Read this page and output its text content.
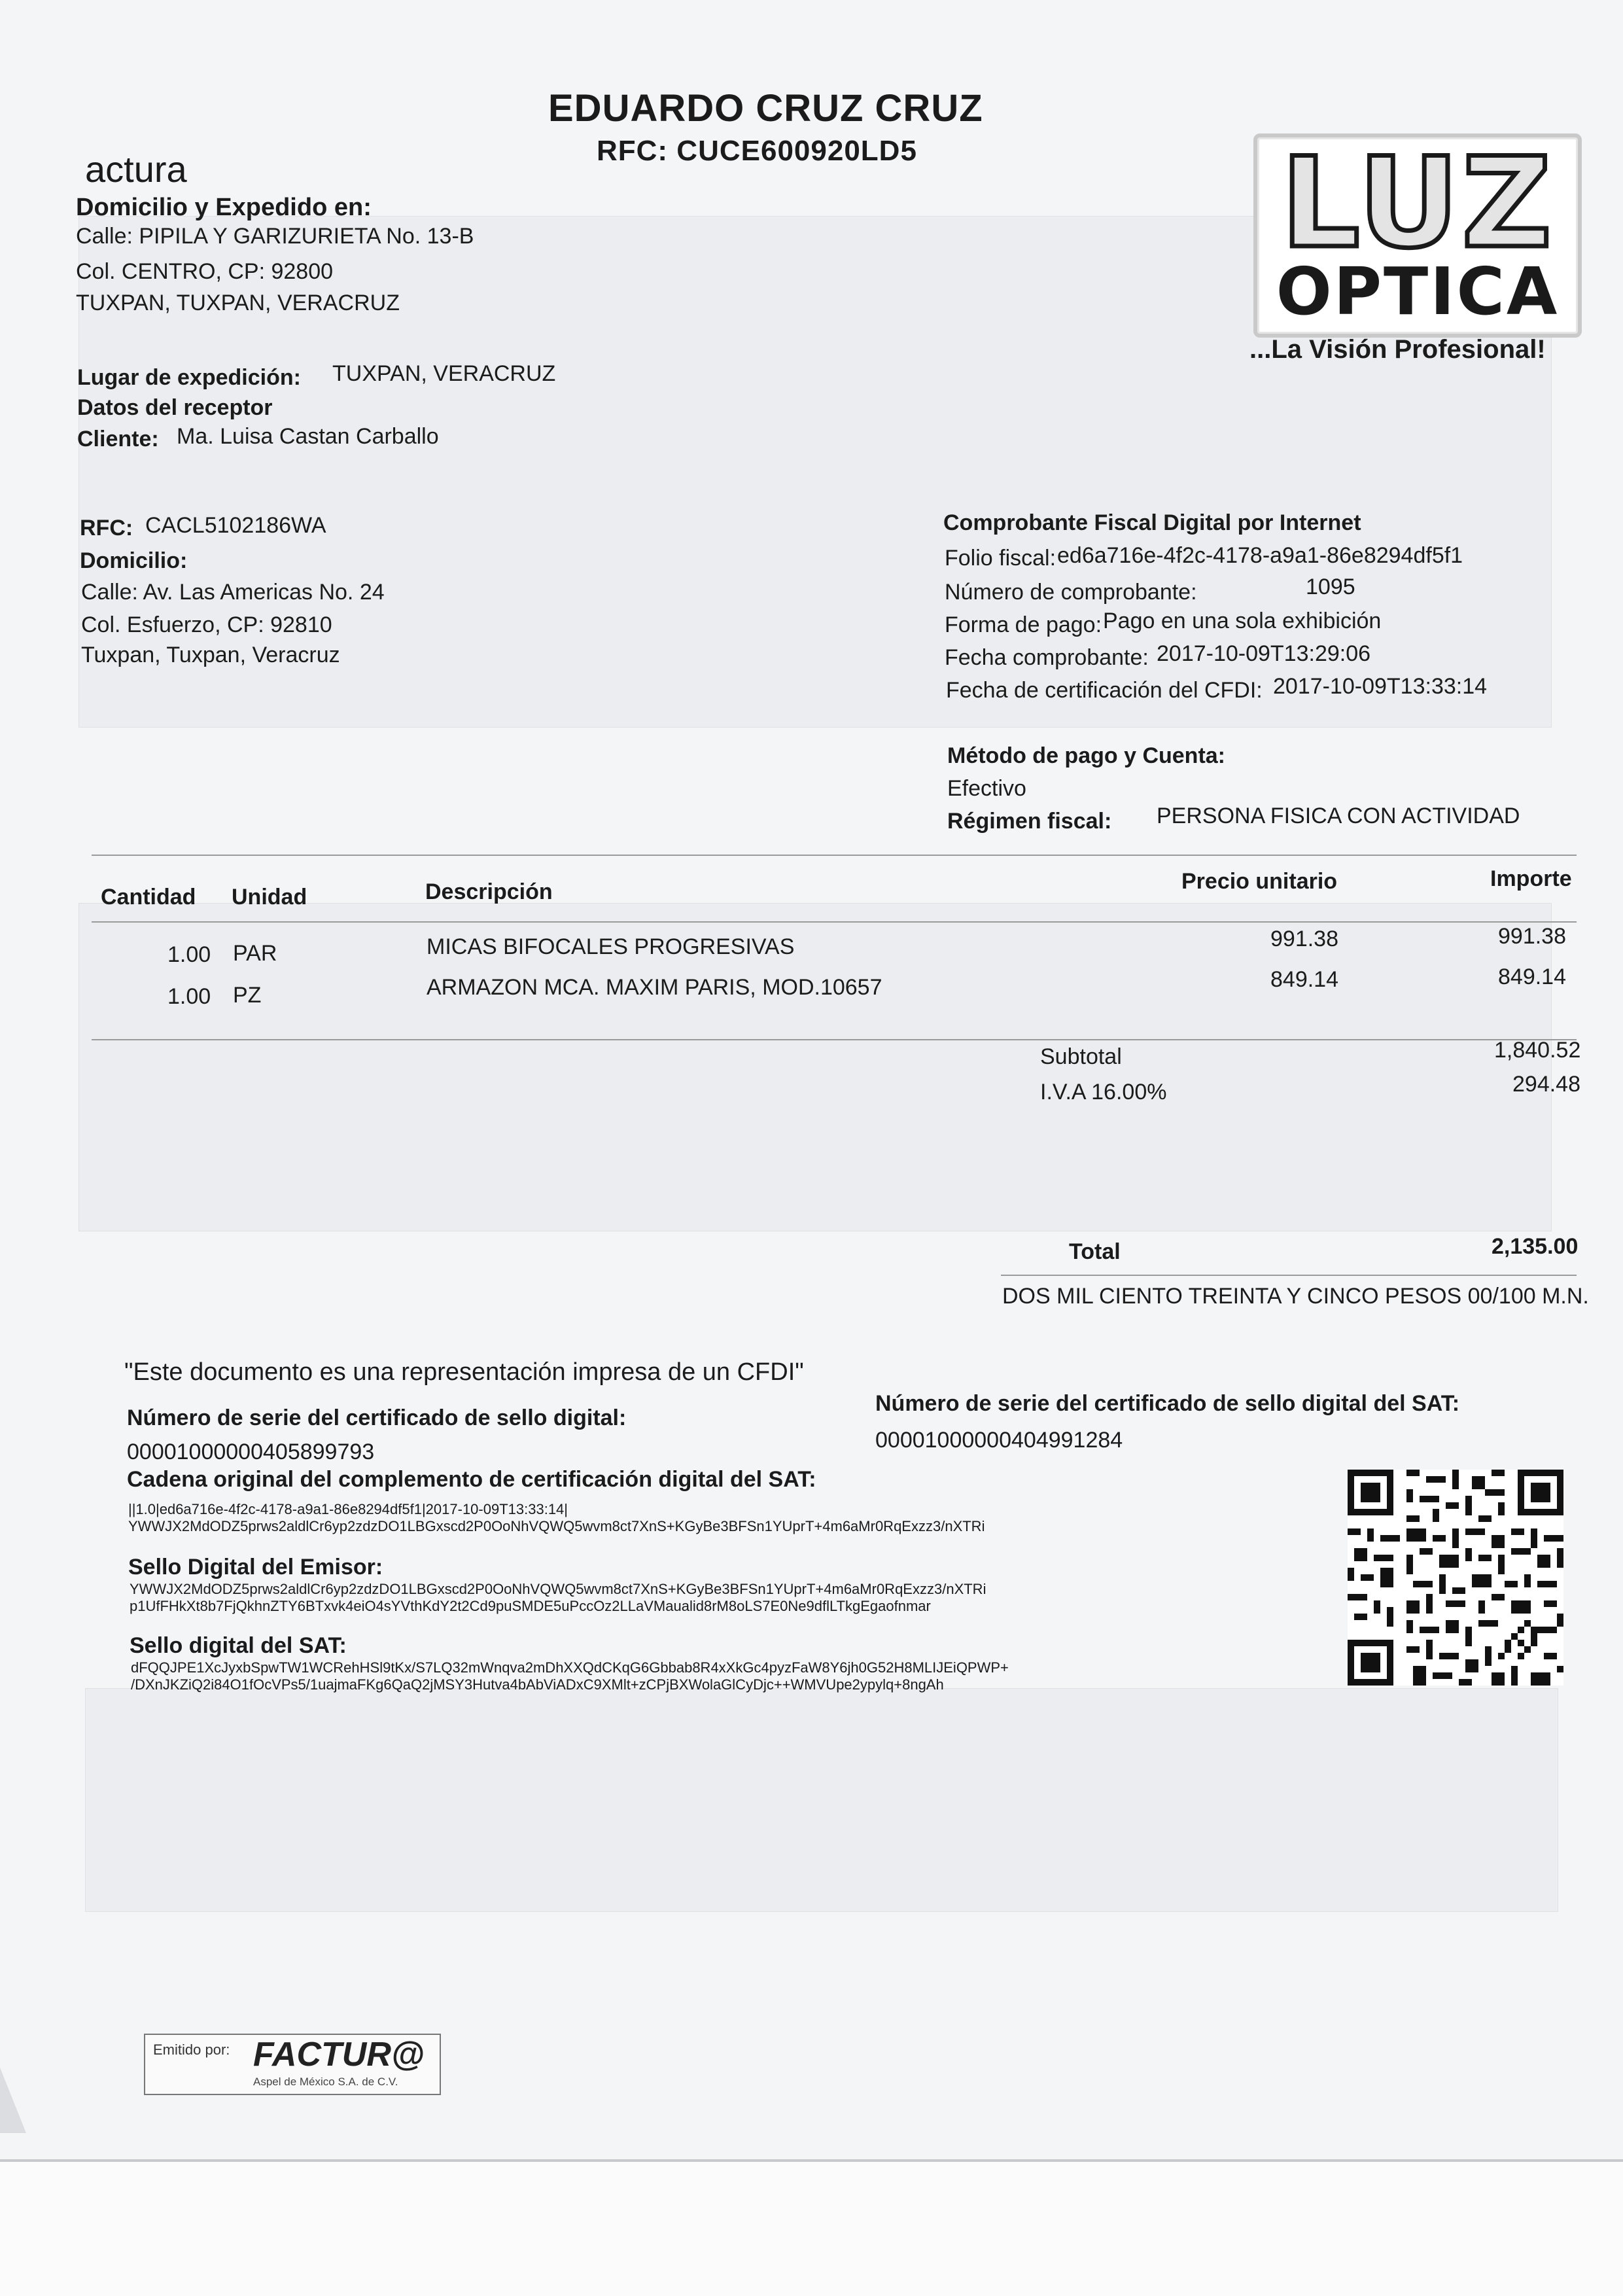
EDUARDO CRUZ CRUZ
RFC: CUCE600920LD5
actura
Domicilio y Expedido en:
Calle: PIPILA Y GARIZURIETA No. 13-B
Col. CENTRO, CP: 92800
TUXPAN, TUXPAN, VERACRUZ
LUZ
OPTICA
...La Visión Profesional!
Lugar de expedición: TUXPAN, VERACRUZ
Datos del receptor
Cliente: Ma. Luisa Castan Carballo
RFC: CACL5102186WA
Domicilio:
Calle: Av. Las Americas No. 24
Col. Esfuerzo, CP: 92810
Tuxpan, Tuxpan, Veracruz
Comprobante Fiscal Digital por Internet
Folio fiscal: ed6a716e-4f2c-4178-a9a1-86e8294df5f1
Número de comprobante:	1095
Forma de pago: Pago en una sola exhibición
Fecha comprobante: 2017-10-09T13:29:06
Fecha de certificación del CFDI: 2017-10-09T13:33:14
Método de pago y Cuenta:
Efectivo
Régimen fiscal: PERSONA FISICA CON ACTIVIDAD
Cantidad Unidad	Descripción	Precio unitario	Importe
1.00 PAR	MICAS BIFOCALES PROGRESIVAS	991.38	991.38
1.00 PZ	ARMAZON MCA. MAXIM PARIS, MOD.10657	849.14	849.14
Subtotal	1,840.52
I.V.A 16.00%	294.48
Total	2,135.00
DOS MIL CIENTO TREINTA Y CINCO PESOS 00/100 M.N.
"Este documento es una representación impresa de un CFDI"
Número de serie del certificado de sello digital:
00001000000405899793
Número de serie del certificado de sello digital del SAT:
00001000000404991284
Cadena original del complemento de certificación digital del SAT:
||1.0|ed6a716e-4f2c-4178-a9a1-86e8294df5f1|2017-10-09T13:33:14|
YWWJX2MdODZ5prws2aldlCr6yp2zdzDO1LBGxscd2P0OoNhVQWQ5wvm8ct7XnS+KGyBe3BFSn1YUprT+4m6aMr0RqExzz3/nXTRi
Sello Digital del Emisor:
YWWJX2MdODZ5prws2aldlCr6yp2zdzDO1LBGxscd2P0OoNhVQWQ5wvm8ct7XnS+KGyBe3BFSn1YUprT+4m6aMr0RqExzz3/nXTRi
p1UfFHkXt8b7FjQkhnZTY6BTxvk4eiO4sYVthKdY2t2Cd9puSMDE5uPccOz2LLaVMaualid8rM8oLS7E0Ne9dflLTkgEgaofnmar
Sello digital del SAT:
dFQQJPE1XcJyxbSpwTW1WCRehHSl9tKx/S7LQ32mWnqva2mDhXXQdCKqG6Gbbab8R4xXkGc4pyzFaW8Y6jh0G52H8MLIJEiQPWP+
/DXnJKZiQ2i84O1fOcVPs5/1uajmaFKg6QaQ2jMSY3Hutva4bAbViADxC9XMlt+zCPjBXWolaGlCyDjc++WMVUpe2ypylq+8ngAh
Emitido por: FACTUR@
Aspel de México S.A. de C.V.
